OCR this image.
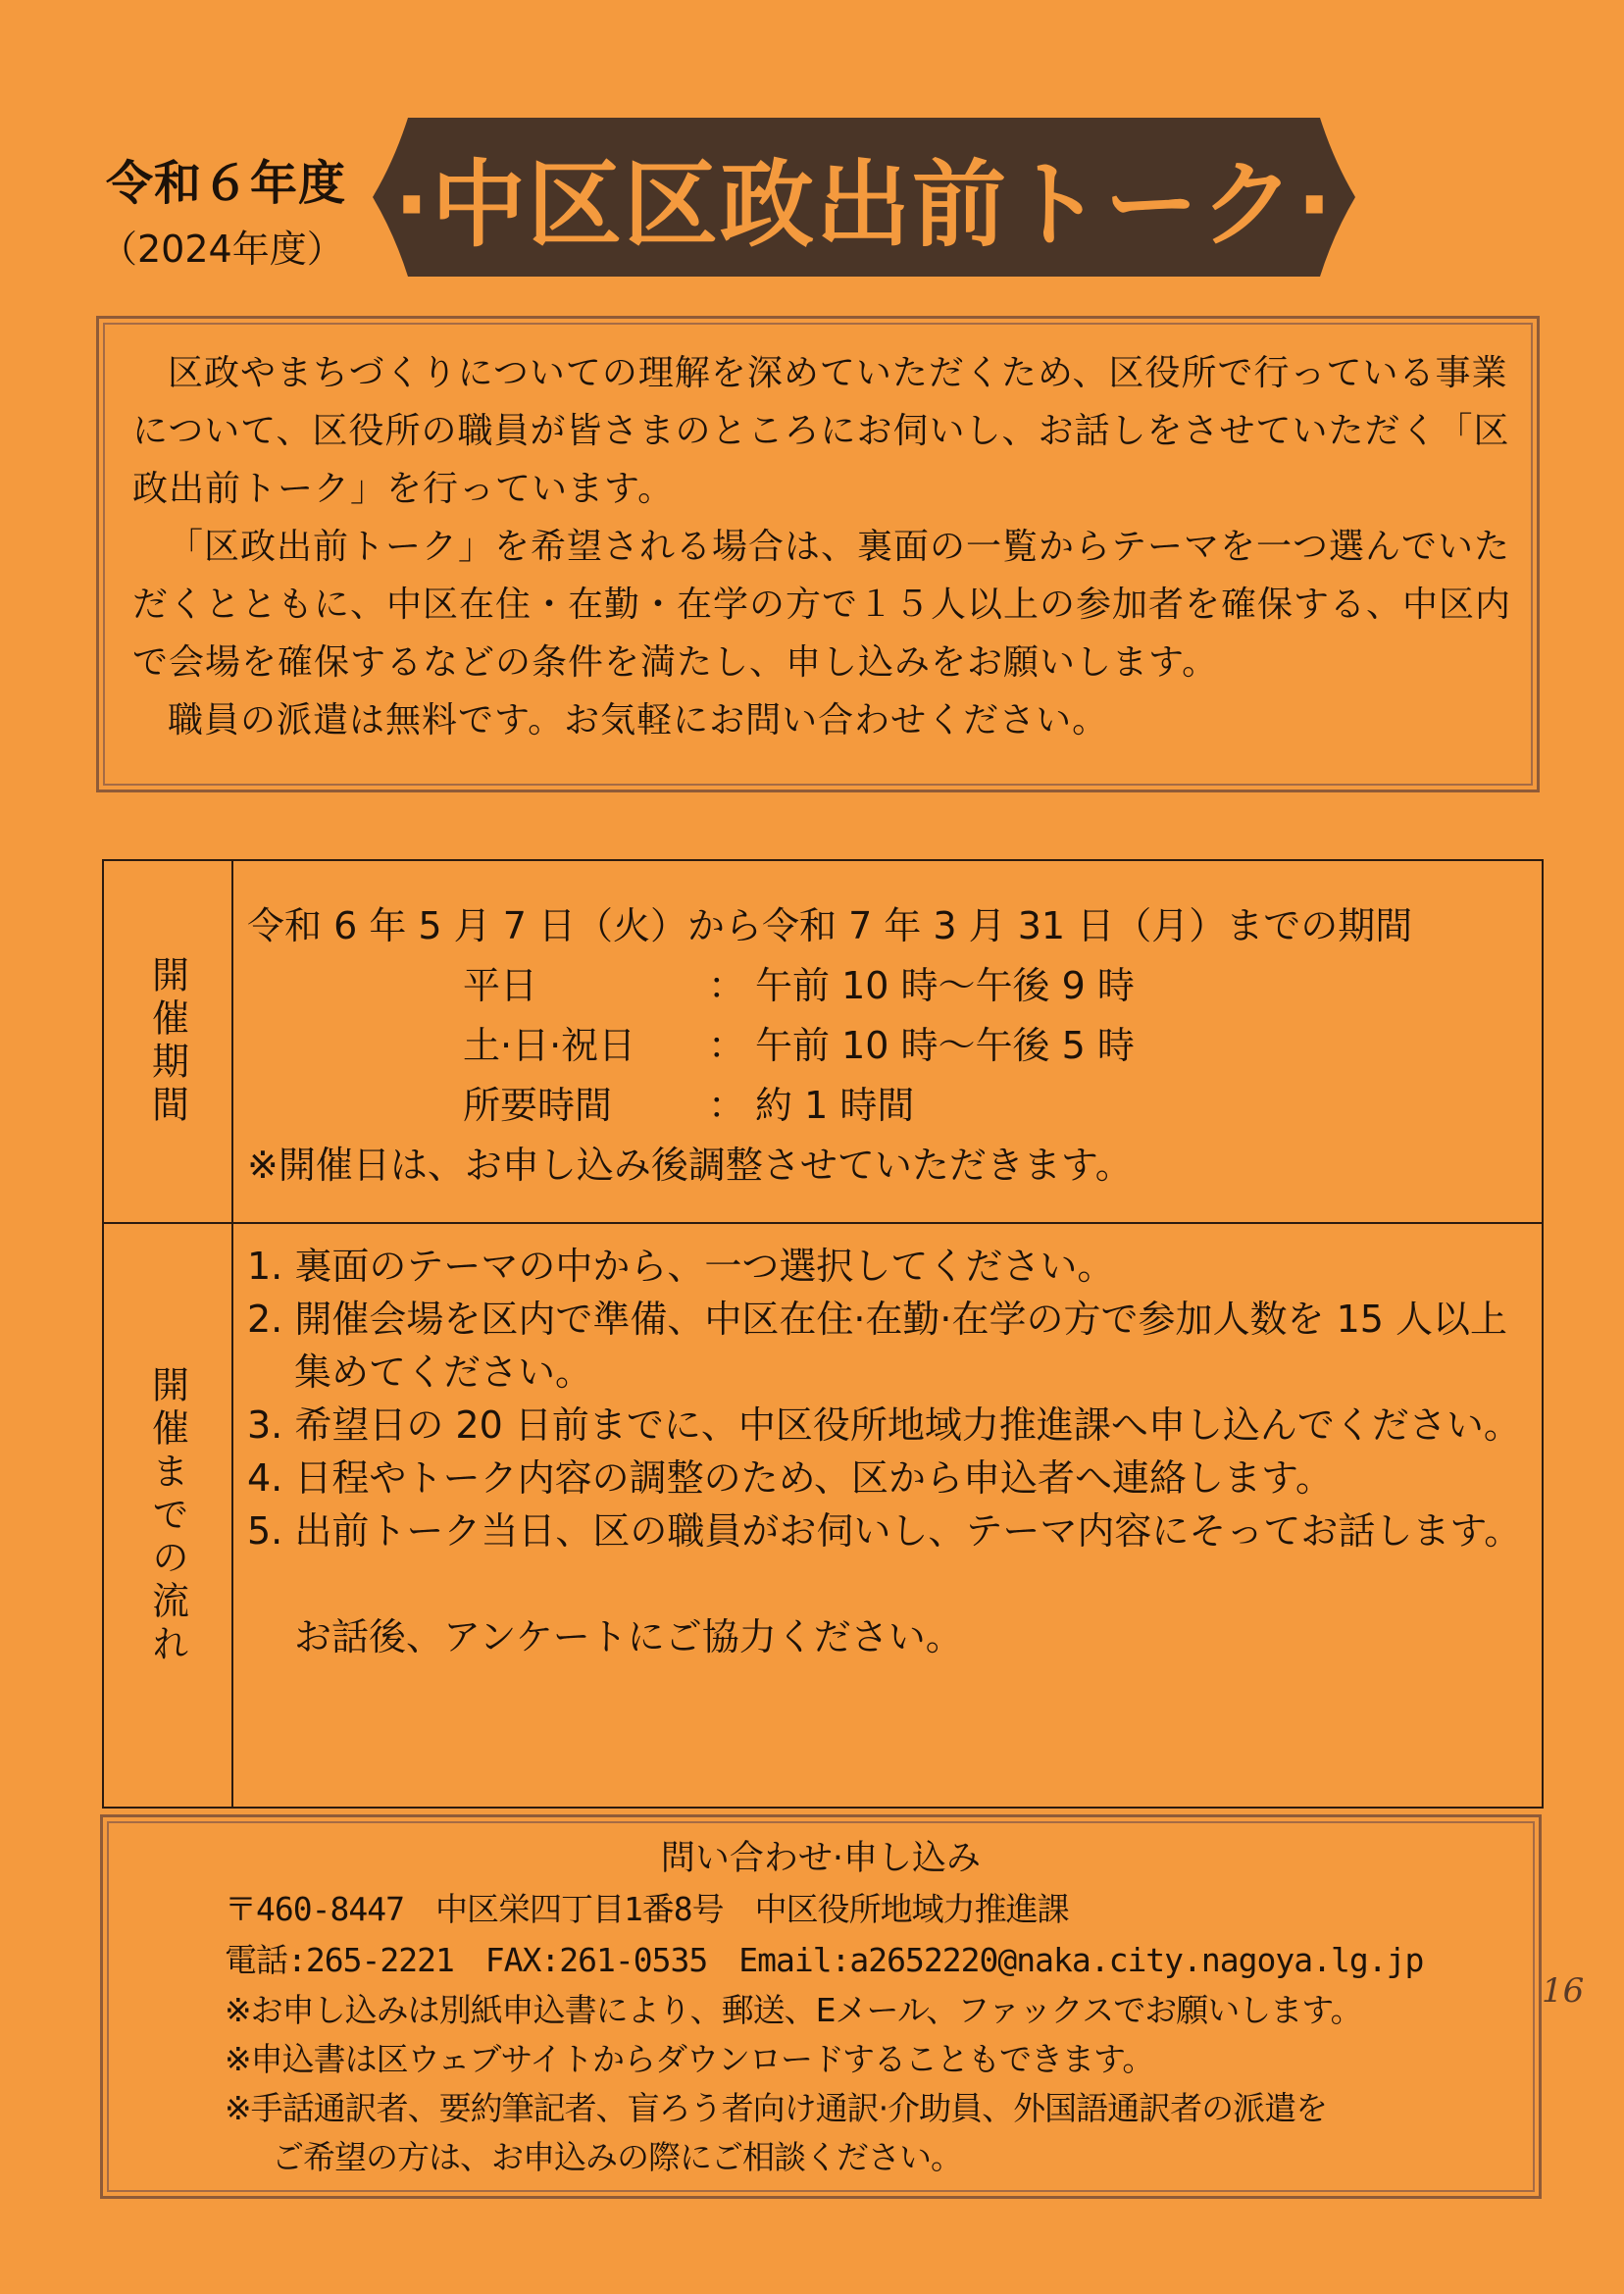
令和６年度
（2024年度） ·中区区政出前トーク·

区政やまちづくりについての理解を深めていただくため、区役所で行っている事業について、区役所の職員が皆さまのところにお伺いし、お話しをさせていただく「区政出前トーク」を行っています。

「区政出前トーク」を希望される場合は、裏面の一覧からテーマを一つ選んでいただくとともに、中区在住・在勤・在学の方で１５人以上の参加者を確保する、中区内で会場を確保するなどの条件を満たし、申し込みをお願いします。

職員の派遣は無料です。お気軽にお問い合わせください。

開催期間
令和 6 年 5 月 7 日（火）から令和 7 年 3 月 31 日（月）までの期間
平日	： 午前 10 時～午後 9 時
土·日·祝日	： 午前 10 時～午後 5 時
所要時間	： 約 1 時間
※開催日は、お申し込み後調整させていただきます。
開催までの流れ
1. 裏面のテーマの中から、一つ選択してください。
2. 開催会場を区内で準備、中区在住·在勤·在学の方で参加人数を 15 人以上集めてください。
3. 希望日の 20 日前までに、中区役所地域力推進課へ申し込んでください。
4. 日程やトーク内容の調整のため、区から申込者へ連絡します。
5. 出前トーク当日、区の職員がお伺いし、テーマ内容にそってお話します。
お話後、アンケートにご協力ください。
問い合わせ·申し込み
〒460-8447　中区栄四丁目1番8号　中区役所地域力推進課
電話:265-2221　FAX:261-0535　Email:a2652220@naka.city.nagoya.lg.jp
※お申し込みは別紙申込書により、郵送、Eメール、ファックスでお願いします。
※申込書は区ウェブサイトからダウンロードすることもできます。
※手話通訳者、要約筆記者、盲ろう者向け通訳·介助員、外国語通訳者の派遣を
ご希望の方は、お申込みの際にご相談ください。
16
